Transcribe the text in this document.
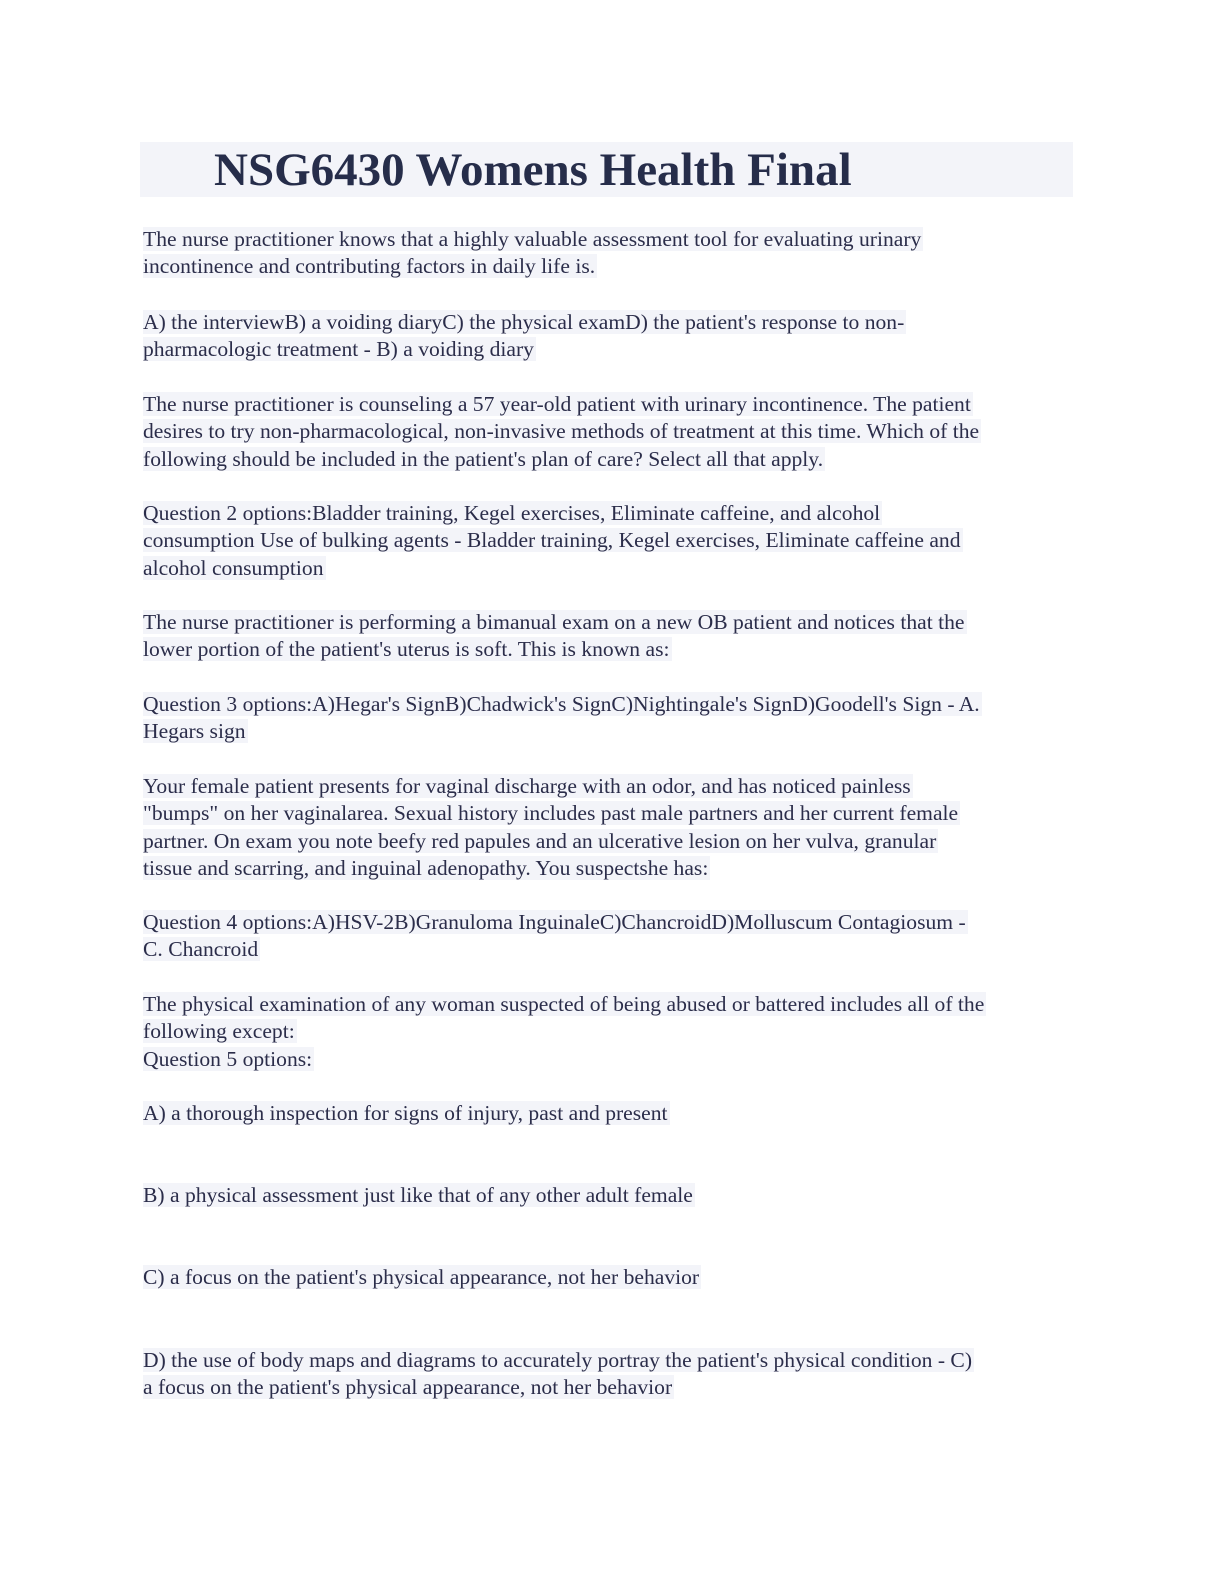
NSG6430 Womens Health Final
The nurse practitioner knows that a highly valuable assessment tool for evaluating urinary
incontinence and contributing factors in daily life is.
A) the interviewB) a voiding diaryC) the physical examD) the patient's response to non-
pharmacologic treatment - B) a voiding diary
The nurse practitioner is counseling a 57 year-old patient with urinary incontinence. The patient
desires to try non-pharmacological, non-invasive methods of treatment at this time. Which of the
following should be included in the patient's plan of care? Select all that apply.
Question 2 options:Bladder training, Kegel exercises, Eliminate caffeine, and alcohol
consumption Use of bulking agents - Bladder training, Kegel exercises, Eliminate caffeine and
alcohol consumption
The nurse practitioner is performing a bimanual exam on a new OB patient and notices that the
lower portion of the patient's uterus is soft. This is known as:
Question 3 options:A)Hegar's SignB)Chadwick's SignC)Nightingale's SignD)Goodell's Sign - A.
Hegars sign
Your female patient presents for vaginal discharge with an odor, and has noticed painless
"bumps" on her vaginalarea. Sexual history includes past male partners and her current female
partner. On exam you note beefy red papules and an ulcerative lesion on her vulva, granular
tissue and scarring, and inguinal adenopathy. You suspectshe has:
Question 4 options:A)HSV-2B)Granuloma InguinaleC)ChancroidD)Molluscum Contagiosum -
C. Chancroid
The physical examination of any woman suspected of being abused or battered includes all of the
following except:
Question 5 options:
A) a thorough inspection for signs of injury, past and present
B) a physical assessment just like that of any other adult female
C) a focus on the patient's physical appearance, not her behavior
D) the use of body maps and diagrams to accurately portray the patient's physical condition - C)
a focus on the patient's physical appearance, not her behavior
